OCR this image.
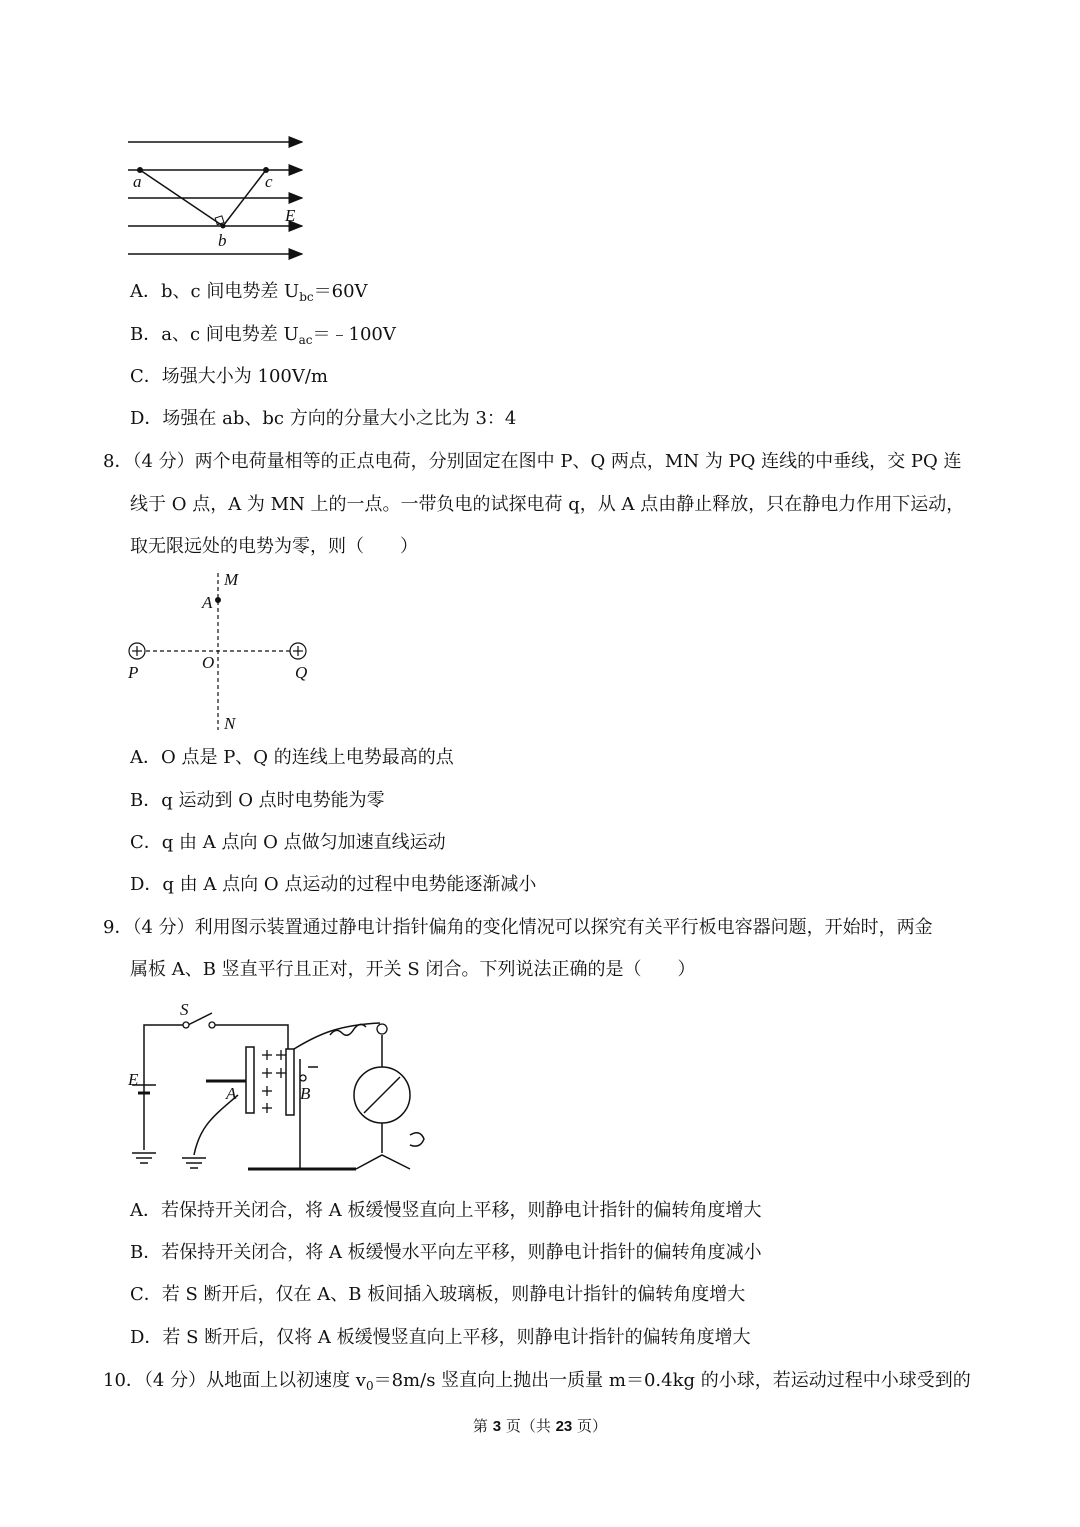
a	c
E
b
A．b、c 间电势差 $U_{bc}=60V$
B．a、c 间电势差 $U_{ac}=﹣100V$
C．场强大小为 100V/m
D．场强在 ab、bc 方向的分量大小之比为 3：4
8．（4 分）两个电荷量相等的正点电荷，分别固定在图中 P、Q 两点，MN 为 PQ 连线的中垂线，交 PQ 连
线于 O 点，A 为 MN 上的一点。一带负电的试探电荷 q，从 A 点由静止释放，只在静电力作用下运动，
取无限远处的电势为零，则（　　）
M
A
P
O
Q
N
A．O 点是 P、Q 的连线上电势最高的点
B．q 运动到 O 点时电势能为零
C．q 由 A 点向 O 点做匀加速直线运动
D．q 由 A 点向 O 点运动的过程中电势能逐渐减小
9．（4 分）利用图示装置通过静电计指针偏角的变化情况可以探究有关平行板电容器问题，开始时，两金
属板 A、B 竖直平行且正对，开关 S 闭合。下列说法正确的是（　　）
S
E
A	B
A．若保持开关闭合，将 A 板缓慢竖直向上平移，则静电计指针的偏转角度增大
B．若保持开关闭合，将 A 板缓慢水平向左平移，则静电计指针的偏转角度减小
C．若 S 断开后，仅在 A、B 板间插入玻璃板，则静电计指针的偏转角度增大
D．若 S 断开后，仅将 A 板缓慢竖直向上平移，则静电计指针的偏转角度增大
10．（4 分）从地面上以初速度 $v_0=8m/s$ 竖直向上抛出一质量 m＝0.4kg 的小球，若运动过程中小球受到的
第 3 页（共 23 页）
